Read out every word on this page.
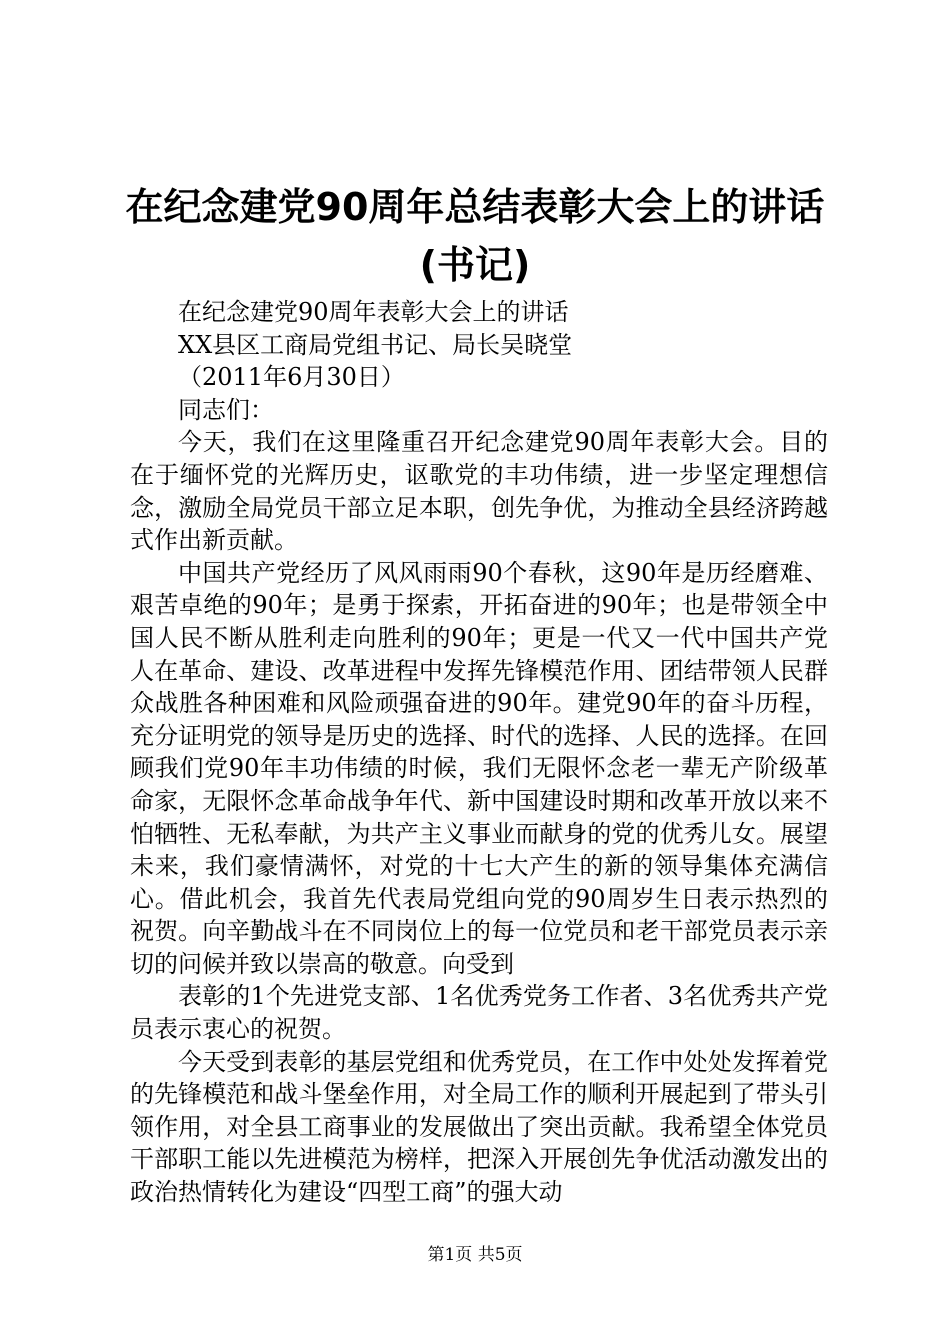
在纪念建党90周年总结表彰大会上的讲话(书记)

在纪念建党90周年表彰大会上的讲话

XX县区工商局党组书记、局长吴晓堂

（2011年6月30日）

同志们：

今天，我们在这里隆重召开纪念建党90周年表彰大会。目的在于缅怀党的光辉历史，讴歌党的丰功伟绩，进一步坚定理想信念，激励全局党员干部立足本职，创先争优，为推动全县经济跨越式作出新贡献。

中国共产党经历了风风雨雨90个春秋，这90年是历经磨难、艰苦卓绝的90年；是勇于探索，开拓奋进的90年；也是带领全中国人民不断从胜利走向胜利的90年；更是一代又一代中国共产党人在革命、建设、改革进程中发挥先锋模范作用、团结带领人民群众战胜各种困难和风险顽强奋进的90年。建党90年的奋斗历程，充分证明党的领导是历史的选择、时代的选择、人民的选择。在回顾我们党90年丰功伟绩的时候，我们无限怀念老一辈无产阶级革命家，无限怀念革命战争年代、新中国建设时期和改革开放以来不怕牺牲、无私奉献，为共产主义事业而献身的党的优秀儿女。展望未来，我们豪情满怀，对党的十七大产生的新的领导集体充满信心。借此机会，我首先代表局党组向党的90周岁生日表示热烈的祝贺。向辛勤战斗在不同岗位上的每一位党员和老干部党员表示亲切的问候并致以崇高的敬意。向受到

表彰的1个先进党支部、1名优秀党务工作者、3名优秀共产党员表示衷心的祝贺。

今天受到表彰的基层党组和优秀党员，在工作中处处发挥着党的先锋模范和战斗堡垒作用，对全局工作的顺利开展起到了带头引领作用，对全县工商事业的发展做出了突出贡献。我希望全体党员干部职工能以先进模范为榜样，把深入开展创先争优活动激发出的政治热情转化为建设“四型工商”的强大动

第1页 共5页
